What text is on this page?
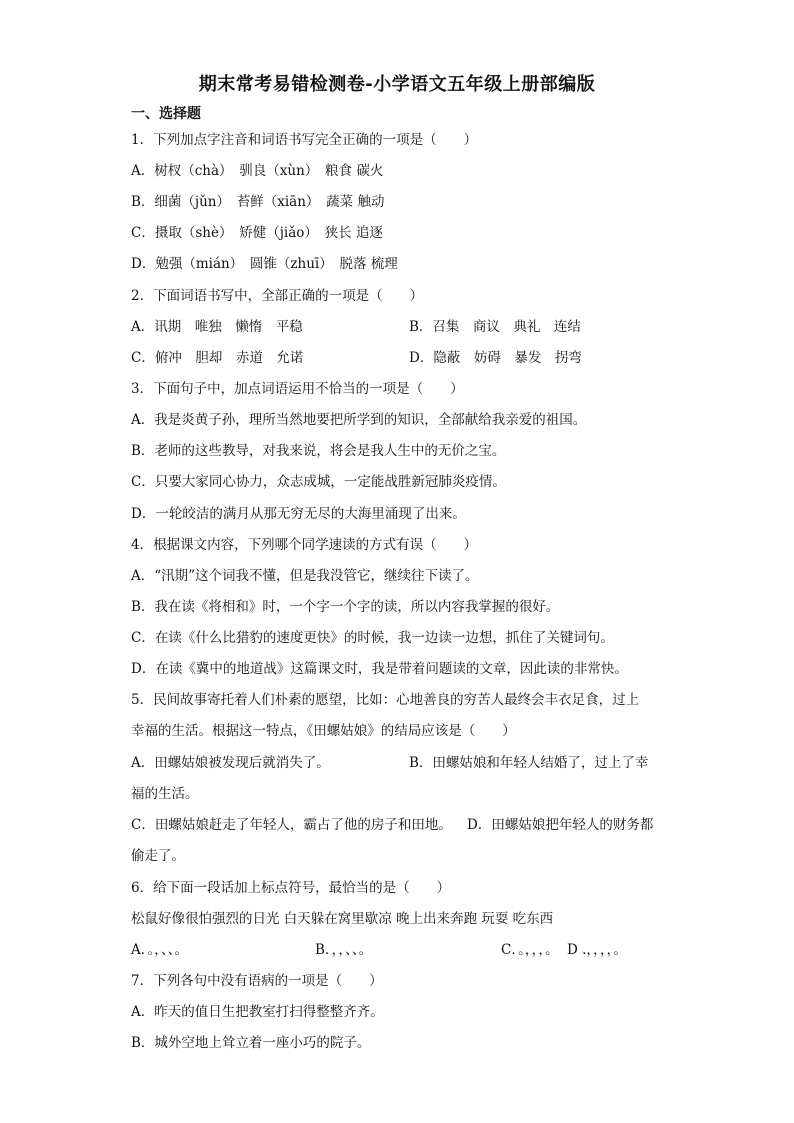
期末常考易错检测卷-小学语文五年级上册部编版
一、选择题
1．下列加点字注音和词语书写完全正确的一项是（　　）
A．树杈（chà）　驯良（xùn）　粮食 碳火
B．细菌（jǔn）　苔鲜（xiān）　蔬菜 触动
C．摄取（shè）　矫健（jiǎo）　狭长 追逐
D．勉强（mián）　圆锥（zhuī）　脱落 梳理
2．下面词语书写中，全部正确的一项是（　　）
A．讯期　唯独　懒惰　平稳	B．召集　商议　典礼　连结
C．俯冲　胆却　赤道　允诺	D．隐蔽　妨碍　暴发　拐弯
3．下面句子中，加点词语运用不恰当的一项是（　　）
A．我是炎黄子孙，理所当然地要把所学到的知识，全部献给我亲爱的祖国。
B．老师的这些教导，对我来说，将会是我人生中的无价之宝。
C．只要大家同心协力，众志成城，一定能战胜新冠肺炎疫情。
D．一轮皎洁的满月从那无穷无尽的大海里涌现了出来。
4．根据课文内容，下列哪个同学速读的方式有误（　　）
A．“汛期”这个词我不懂，但是我没管它，继续往下读了。
B．我在读《将相和》时，一个字一个字的读，所以内容我掌握的很好。
C．在读《什么比猎豹的速度更快》的时候，我一边读一边想，抓住了关键词句。
D．在读《冀中的地道战》这篇课文时，我是带着问题读的文章，因此读的非常快。
5．民间故事寄托着人们朴素的愿望，比如：心地善良的穷苦人最终会丰衣足食，过上
幸福的生活。根据这一特点，《田螺姑娘》的结局应该是（　　）
A．田螺姑娘被发现后就消失了。	B．田螺姑娘和年轻人结婚了，过上了幸
福的生活。
C．田螺姑娘赶走了年轻人，霸占了他的房子和田地。 D．田螺姑娘把年轻人的财务都
偷走了。
6．给下面一段话加上标点符号，最恰当的是（　　）
松鼠好像很怕强烈的日光 白天躲在窝里歇凉 晚上出来奔跑 玩耍 吃东西
A．。，、、。	B．，，、、。	C．。，，，。 D .，，，，。
7．下列各句中没有语病的一项是（　　）
A．昨天的值日生把教室打扫得整整齐齐。
B．城外空地上耸立着一座小巧的院子。
